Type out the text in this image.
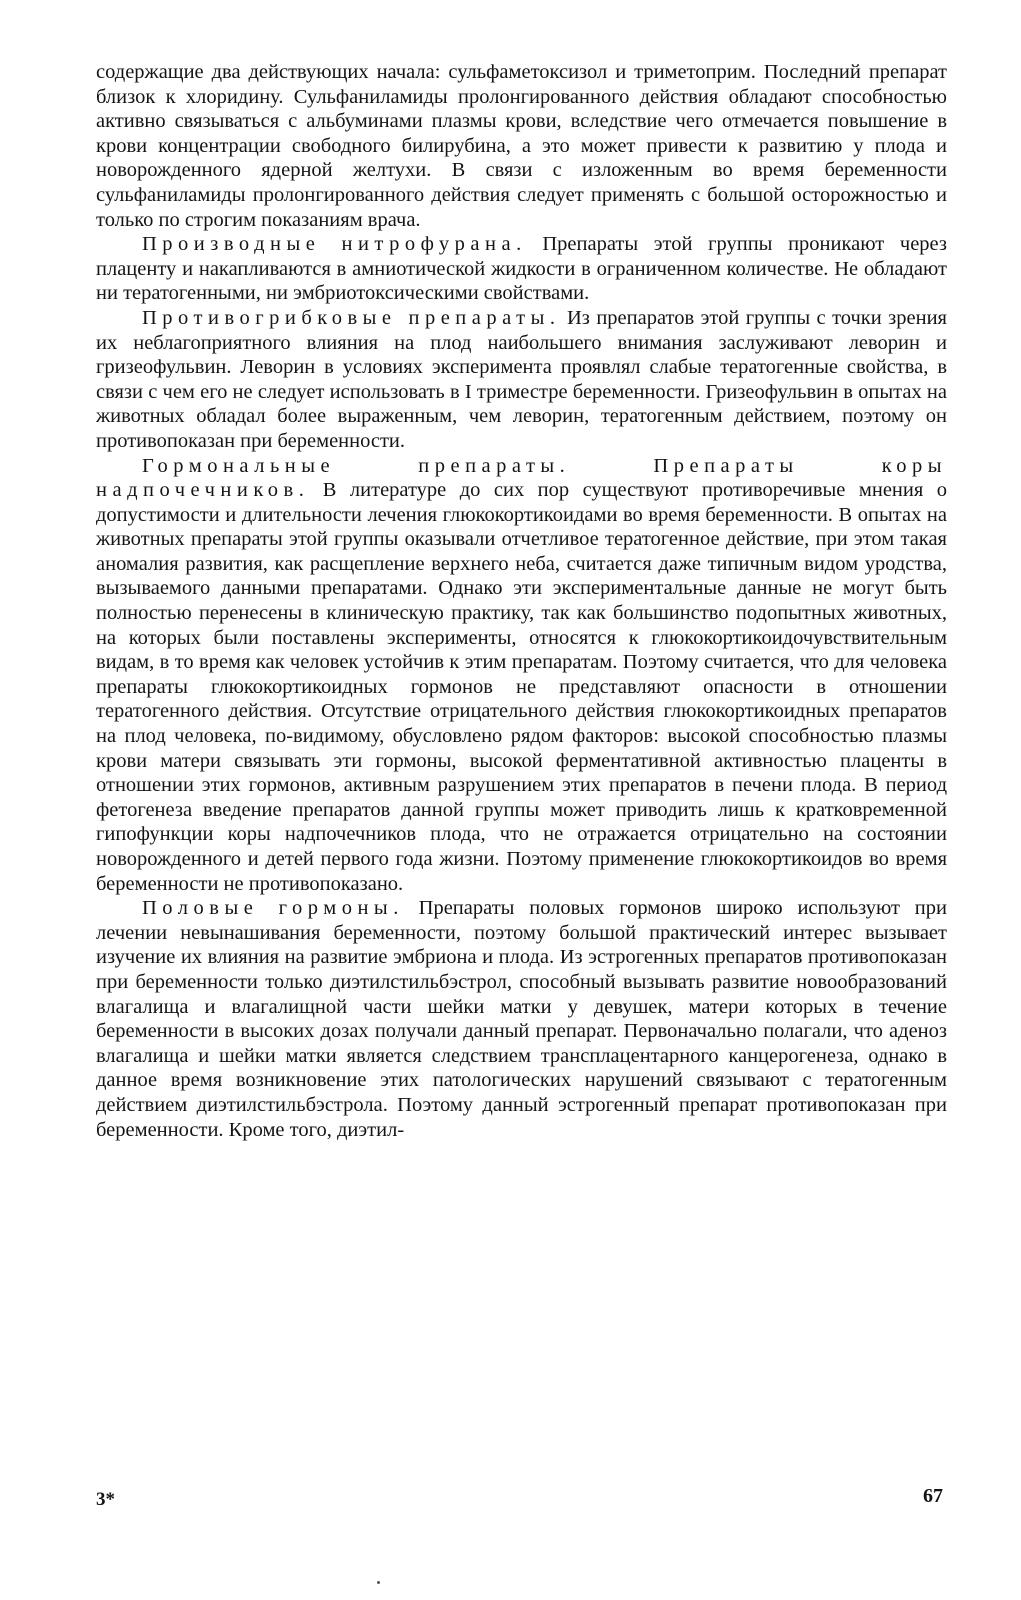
содержащие два действующих начала: сульфаметоксизол и триметоприм. Последний препарат близок к хлоридину. Сульфаниламиды пролонгированного действия обладают способностью активно связываться с альбуминами плазмы крови, вследствие чего отмечается повышение в крови концентрации свободного билирубина, а это может привести к развитию у плода и новорожденного ядерной желтухи. В связи с изложенным во время беременности сульфаниламиды пролонгированного действия следует применять с большой осторожностью и только по строгим показаниям врача.

Производные нитрофурана. Препараты этой группы проникают через плаценту и накапливаются в амниотической жидкости в ограниченном количестве. Не обладают ни тератогенными, ни эмбриотоксическими свойствами.

Противогрибковые препараты. Из препаратов этой группы с точки зрения их неблагоприятного влияния на плод наибольшего внимания заслуживают леворин и гризеофульвин. Леворин в условиях эксперимента проявлял слабые тератогенные свойства, в связи с чем его не следует использовать в I триместре беременности. Гризеофульвин в опытах на животных обладал более выраженным, чем леворин, тератогенным действием, поэтому он противопоказан при беременности.

Гормональные препараты. Препараты коры надпочечников. В литературе до сих пор существуют противоречивые мнения о допустимости и длительности лечения глюкокортикоидами во время беременности. В опытах на животных препараты этой группы оказывали отчетливое тератогенное действие, при этом такая аномалия развития, как расщепление верхнего неба, считается даже типичным видом уродства, вызываемого данными препаратами. Однако эти экспериментальные данные не могут быть полностью перенесены в клиническую практику, так как большинство подопытных животных, на которых были поставлены эксперименты, относятся к глюкокортикоидочувствительным видам, в то время как человек устойчив к этим препаратам. Поэтому считается, что для человека препараты глюкокортикоидных гормонов не представляют опасности в отношении тератогенного действия. Отсутствие отрицательного действия глюкокортикоидных препаратов на плод человека, по-видимому, обусловлено рядом факторов: высокой способностью плазмы крови матери связывать эти гормоны, высокой ферментативной активностью плаценты в отношении этих гормонов, активным разрушением этих препаратов в печени плода. В период фетогенеза введение препаратов данной группы может приводить лишь к кратковременной гипофункции коры надпочечников плода, что не отражается отрицательно на состоянии новорожденного и детей первого года жизни. Поэтому применение глюкокортикоидов во время беременности не противопоказано.

Половые гормоны. Препараты половых гормонов широко используют при лечении невынашивания беременности, поэтому большой практический интерес вызывает изучение их влияния на развитие эмбриона и плода. Из эстрогенных препаратов противопоказан при беременности только диэтилстильбэстрол, способный вызывать развитие новообразований влагалища и влагалищной части шейки матки у девушек, матери которых в течение беременности в высоких дозах получали данный препарат. Первоначально полагали, что аденоз влагалища и шейки матки является следствием трансплацентарного канцерогенеза, однако в данное время возникновение этих патологических нарушений связывают с тератогенным действием диэтилстильбэстрола. Поэтому данный эстрогенный препарат противопоказан при беременности. Кроме того, диэтил-

3*	67
